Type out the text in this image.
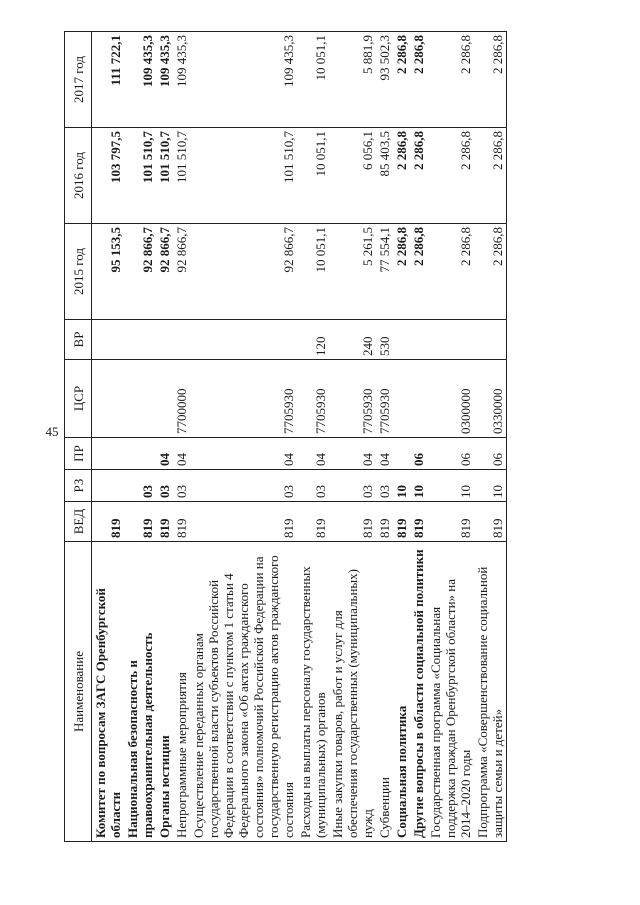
45
Наименование	ВЕД	РЗ	ПР	ЦСР	ВР	2015 год	2016 год	2017 год
Комитет по вопросам ЗАГС Оренбургской области	819					95 153,5	103 797,5	111 722,1
Национальная безопасность и правоохранительная деятельность	819	03				92 866,7	101 510,7	109 435,3
Органы юстиции	819	03	04			92 866,7	101 510,7	109 435,3
Непрограммные мероприятия	819	03	04	7700000		92 866,7	101 510,7	109 435,3
Осуществление переданных органам государственной власти субъектов Российской Федерации в соответствии с пунктом 1 статьи 4 Федерального закона «Об актах гражданского состояния» полномочий Российской Федерации на государственную регистрацию актов гражданского состояния	819	03	04	7705930		92 866,7	101 510,7	109 435,3
Расходы на выплаты персоналу государственных (муниципальных) органов	819	03	04	7705930	120	10 051,1	10 051,1	10 051,1
Иные закупки товаров, работ и услуг для обеспечения государственных (муниципальных) нужд	819	03	04	7705930	240	5 261,5	6 056,1	5 881,9
Субвенции	819	03	04	7705930	530	77 554,1	85 403,5	93 502,3
Социальная политика	819	10				2 286,8	2 286,8	2 286,8
Другие вопросы в области социальной политики	819	10	06			2 286,8	2 286,8	2 286,8
Государственная программа «Социальная поддержка граждан Оренбургской области» на 2014–2020 годы	819	10	06	0300000		2 286,8	2 286,8	2 286,8
Подпрограмма «Совершенствование социальной защиты семьи и детей»	819	10	06	0330000		2 286,8	2 286,8	2 286,8
